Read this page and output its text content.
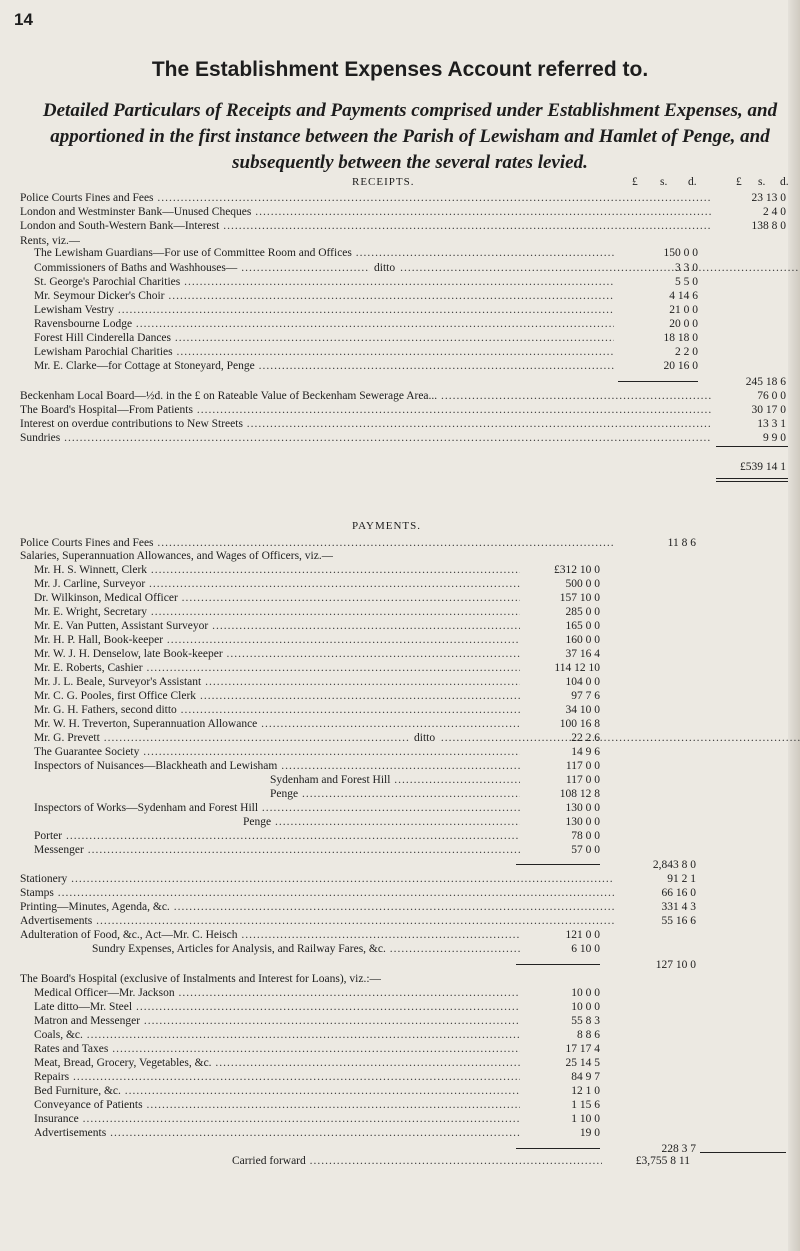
14
The Establishment Expenses Account referred to.
Detailed Particulars of Receipts and Payments comprised under Establishment Expenses, and apportioned in the first instance between the Parish of Lewisham and Hamlet of Penge, and subsequently between the several rates levied.
RECEIPTS.	£ s. d.	£ s. d.
Police Courts Fines and Fees .....	23 13 0
London and Westminster Bank—Unused Cheques .....	2 4 0
London and South-Western Bank—Interest .....	138 8 0
Rents, viz.—
The Lewisham Guardians—For use of Committee Room and Offices .....	150 0 0
Commissioners of Baths and Washhouses— .....	ditto	3 3 0
St. George's Parochial Charities .....	5 5 0
Mr. Seymour Dicker's Choir .....	4 14 6
Lewisham Vestry .....	21 0 0
Ravensbourne Lodge .....	20 0 0
Forest Hill Cinderella Dances .....	18 18 0
Lewisham Parochial Charities .....	2 2 0
Mr. E. Clarke—for Cottage at Stoneyard, Penge .....	20 16 0
245 18 6
Beckenham Local Board—½d. in the £ on Rateable Value of Beckenham Sewerage Area... .....	76 0 0
The Board's Hospital—From Patients .....	30 17 0
Interest on overdue contributions to New Streets .....	13 3 1
Sundries .....	9 9 0
£539 14 1
PAYMENTS.
Police Courts Fines and Fees .....	11 8 6
Salaries, Superannuation Allowances, and Wages of Officers, viz.—
Mr. H. S. Winnett, Clerk .....	£312 10 0
Mr. J. Carline, Surveyor .....	500 0 0
Dr. Wilkinson, Medical Officer .....	157 10 0
Mr. E. Wright, Secretary .....	285 0 0
Mr. E. Van Putten, Assistant Surveyor .....	165 0 0
Mr. H. P. Hall, Book-keeper .....	160 0 0
Mr. W. J. H. Denselow, late Book-keeper .....	37 16 4
Mr. E. Roberts, Cashier .....	114 12 10
Mr. J. L. Beale, Surveyor's Assistant .....	104 0 0
Mr. C. G. Pooles, first Office Clerk .....	97 7 6
Mr. G. H. Fathers, second ditto .....	34 10 0
Mr. W. H. Treverton, Superannuation Allowance .....	100 16 8
Mr. G. Prevett .....	ditto	22 2 6
The Guarantee Society .....	14 9 6
Inspectors of Nuisances—Blackheath and Lewisham .....	117 0 0
Sydenham and Forest Hill .....	117 0 0
Penge .....	108 12 8
Inspectors of Works—Sydenham and Forest Hill .....	130 0 0
Penge .....	130 0 0
Porter .....	78 0 0
Messenger .....	57 0 0
2,843 8 0
Stationery .....	91 2 1
Stamps .....	66 16 0
Printing—Minutes, Agenda, &c. .....	331 4 3
Advertisements .....	55 16 6
Adulteration of Food, &c., Act—Mr. C. Heisch .....	121 0 0
Sundry Expenses, Articles for Analysis, and Railway Fares, &c. .....	6 10 0
127 10 0
The Board's Hospital (exclusive of Instalments and Interest for Loans), viz.:—
Medical Officer—Mr. Jackson .....	10 0 0
Late ditto—Mr. Steel .....	10 0 0
Matron and Messenger .....	55 8 3
Coals, &c. .....	8 8 6
Rates and Taxes .....	17 17 4
Meat, Bread, Grocery, Vegetables, &c. .....	25 14 5
Repairs .....	84 9 7
Bed Furniture, &c. .....	12 1 0
Conveyance of Patients .....	1 15 6
Insurance .....	1 10 0
Advertisements .....	19 0
228 3 7
Carried forward .....	£3,755 8 11
